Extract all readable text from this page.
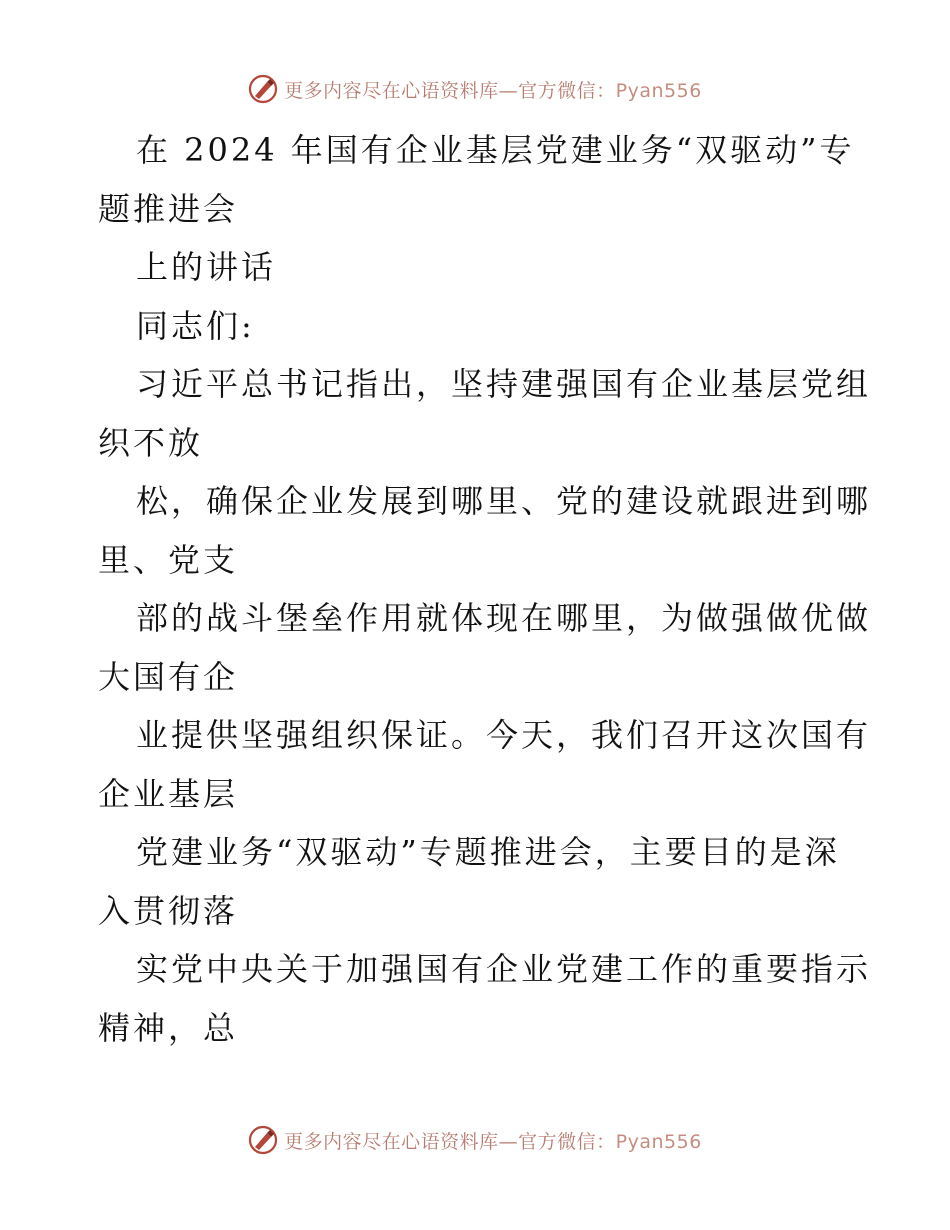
更多内容尽在心语资料库—官方微信：Pyan556
在 2024 年国有企业基层党建业务“双驱动”专
题推进会
上的讲话
同志们:
习近平总书记指出，坚持建强国有企业基层党组
织不放
松，确保企业发展到哪里、党的建设就跟进到哪
里、党支
部的战斗堡垒作用就体现在哪里，为做强做优做
大国有企
业提供坚强组织保证。今天，我们召开这次国有
企业基层
党建业务“双驱动”专题推进会，主要目的是深
入贯彻落
实党中央关于加强国有企业党建工作的重要指示
精神，总
更多内容尽在心语资料库—官方微信：Pyan556
